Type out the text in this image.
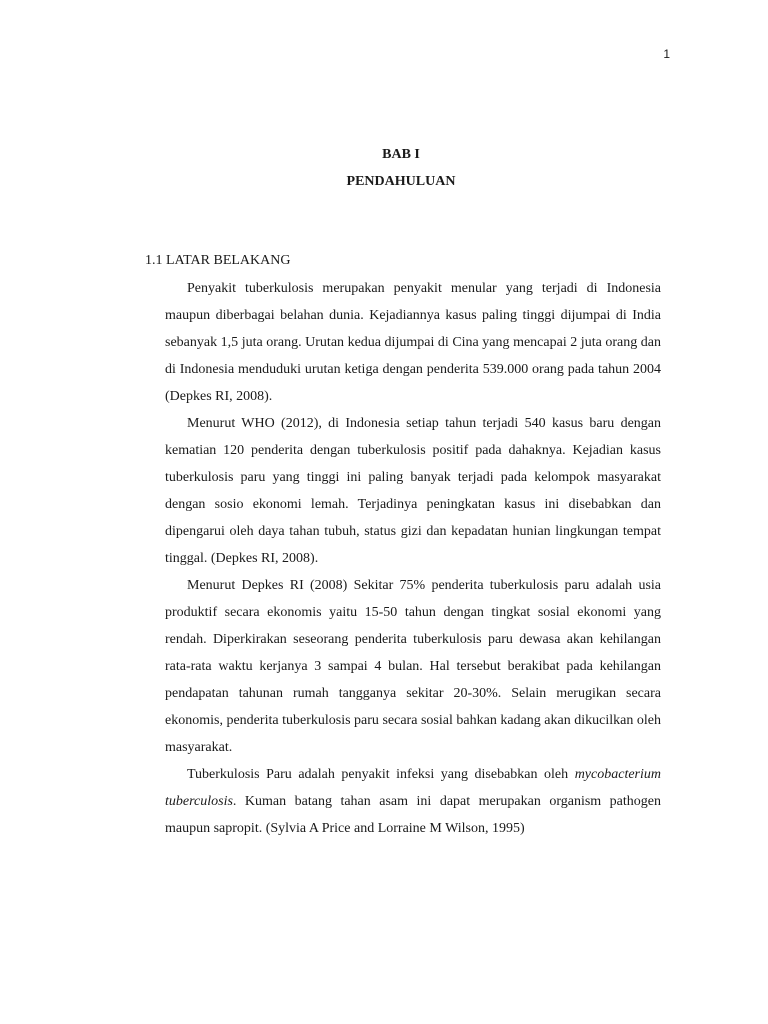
1
BAB I
PENDAHULUAN
1.1 LATAR BELAKANG

Penyakit tuberkulosis merupakan penyakit menular yang terjadi di Indonesia maupun diberbagai belahan dunia. Kejadiannya kasus paling tinggi dijumpai di India sebanyak 1,5 juta orang. Urutan kedua dijumpai di Cina yang mencapai 2 juta orang dan di Indonesia menduduki urutan ketiga dengan penderita 539.000 orang pada tahun 2004 (Depkes RI, 2008).

Menurut WHO (2012), di Indonesia setiap tahun terjadi 540 kasus baru dengan kematian 120 penderita dengan tuberkulosis positif pada dahaknya. Kejadian kasus tuberkulosis paru yang tinggi ini paling banyak terjadi pada kelompok masyarakat dengan sosio ekonomi lemah. Terjadinya peningkatan kasus ini disebabkan dan dipengarui oleh daya tahan tubuh, status gizi dan kepadatan hunian lingkungan tempat tinggal. (Depkes RI, 2008).

Menurut Depkes RI (2008) Sekitar 75% penderita tuberkulosis paru adalah usia produktif secara ekonomis yaitu 15-50 tahun dengan tingkat sosial ekonomi yang rendah. Diperkirakan seseorang penderita tuberkulosis paru dewasa akan kehilangan rata-rata waktu kerjanya 3 sampai 4 bulan. Hal tersebut berakibat pada kehilangan pendapatan tahunan rumah tangganya sekitar 20-30%. Selain merugikan secara ekonomis, penderita tuberkulosis paru secara sosial bahkan kadang akan dikucilkan oleh masyarakat.

Tuberkulosis Paru adalah penyakit infeksi yang disebabkan oleh mycobacterium tuberculosis. Kuman batang tahan asam ini dapat merupakan organism pathogen maupun sapropit. (Sylvia A Price and Lorraine M Wilson, 1995)
